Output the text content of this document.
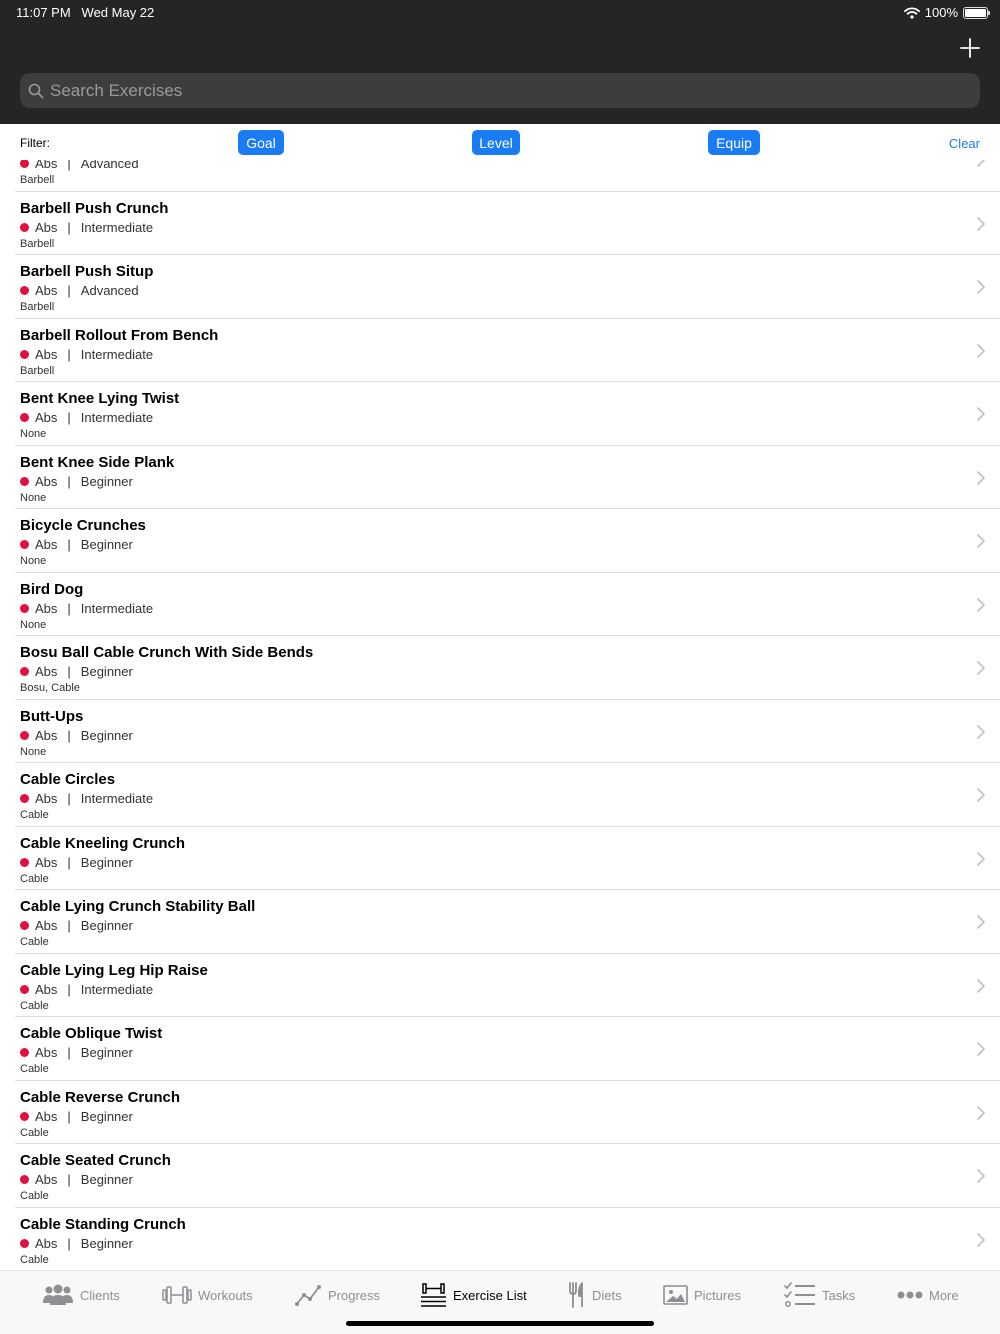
11:07 PM Wed May 22	100%
Search Exercises
Filter:	Goal	Level	Equip	Clear
Abs | Advanced
Barbell
Barbell Push Crunch
Abs | Intermediate
Barbell
Barbell Push Situp
Abs | Advanced
Barbell
Barbell Rollout From Bench
Abs | Intermediate
Barbell
Bent Knee Lying Twist
Abs | Intermediate
None
Bent Knee Side Plank
Abs | Beginner
None
Bicycle Crunches
Abs | Beginner
None
Bird Dog
Abs | Intermediate
None
Bosu Ball Cable Crunch With Side Bends
Abs | Beginner
Bosu, Cable
Butt-Ups
Abs | Beginner
None
Cable Circles
Abs | Intermediate
Cable
Cable Kneeling Crunch
Abs | Beginner
Cable
Cable Lying Crunch Stability Ball
Abs | Beginner
Cable
Cable Lying Leg Hip Raise
Abs | Intermediate
Cable
Cable Oblique Twist
Abs | Beginner
Cable
Cable Reverse Crunch
Abs | Beginner
Cable
Cable Seated Crunch
Abs | Beginner
Cable
Cable Standing Crunch
Abs | Beginner
Cable
Clients	Workouts	Progress	Exercise List	Diets	Pictures	Tasks	More
